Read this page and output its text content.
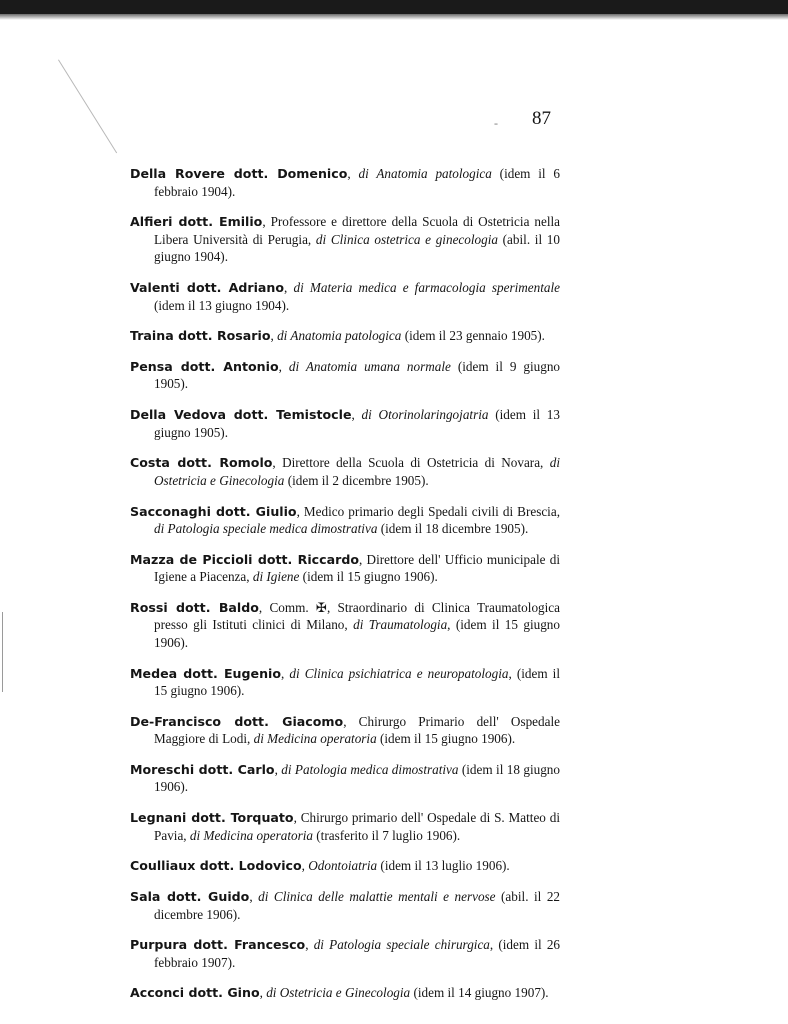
- 87

Della Rovere dott. Domenico, di Anatomia patologica (idem il 6 febbraio 1904).

Alfieri dott. Emilio, Professore e direttore della Scuola di Ostetricia nella Libera Università di Perugia, di Clinica ostetrica e ginecologia (abil. il 10 giugno 1904).

Valenti dott. Adriano, di Materia medica e farmacologia sperimentale (idem il 13 giugno 1904).

Traina dott. Rosario, di Anatomia patologica (idem il 23 gennaio 1905).

Pensa dott. Antonio, di Anatomia umana normale (idem il 9 giugno 1905).

Della Vedova dott. Temistocle, di Otorinolaringojatria (idem il 13 giugno 1905).

Costa dott. Romolo, Direttore della Scuola di Ostetricia di Novara, di Ostetricia e Ginecologia (idem il 2 dicembre 1905).

Sacconaghi dott. Giulio, Medico primario degli Spedali civili di Brescia, di Patologia speciale medica dimostrativa (idem il 18 dicembre 1905).

Mazza de Piccioli dott. Riccardo, Direttore dell' Ufficio municipale di Igiene a Piacenza, di Igiene (idem il 15 giugno 1906).

Rossi dott. Baldo, Comm. ✠, Straordinario di Clinica Traumatologica presso gli Istituti clinici di Milano, di Traumatologia, (idem il 15 giugno 1906).

Medea dott. Eugenio, di Clinica psichiatrica e neuropatologia, (idem il 15 giugno 1906).

De-Francisco dott. Giacomo, Chirurgo Primario dell' Ospedale Maggiore di Lodi, di Medicina operatoria (idem il 15 giugno 1906).

Moreschi dott. Carlo, di Patologia medica dimostrativa (idem il 18 giugno 1906).

Legnani dott. Torquato, Chirurgo primario dell' Ospedale di S. Matteo di Pavia, di Medicina operatoria (trasferito il 7 luglio 1906).

Coulliaux dott. Lodovico, Odontoiatria (idem il 13 luglio 1906).

Sala dott. Guido, di Clinica delle malattie mentali e nervose (abil. il 22 dicembre 1906).

Purpura dott. Francesco, di Patologia speciale chirurgica, (idem il 26 febbraio 1907).

Acconci dott. Gino, di Ostetricia e Ginecologia (idem il 14 giugno 1907).
